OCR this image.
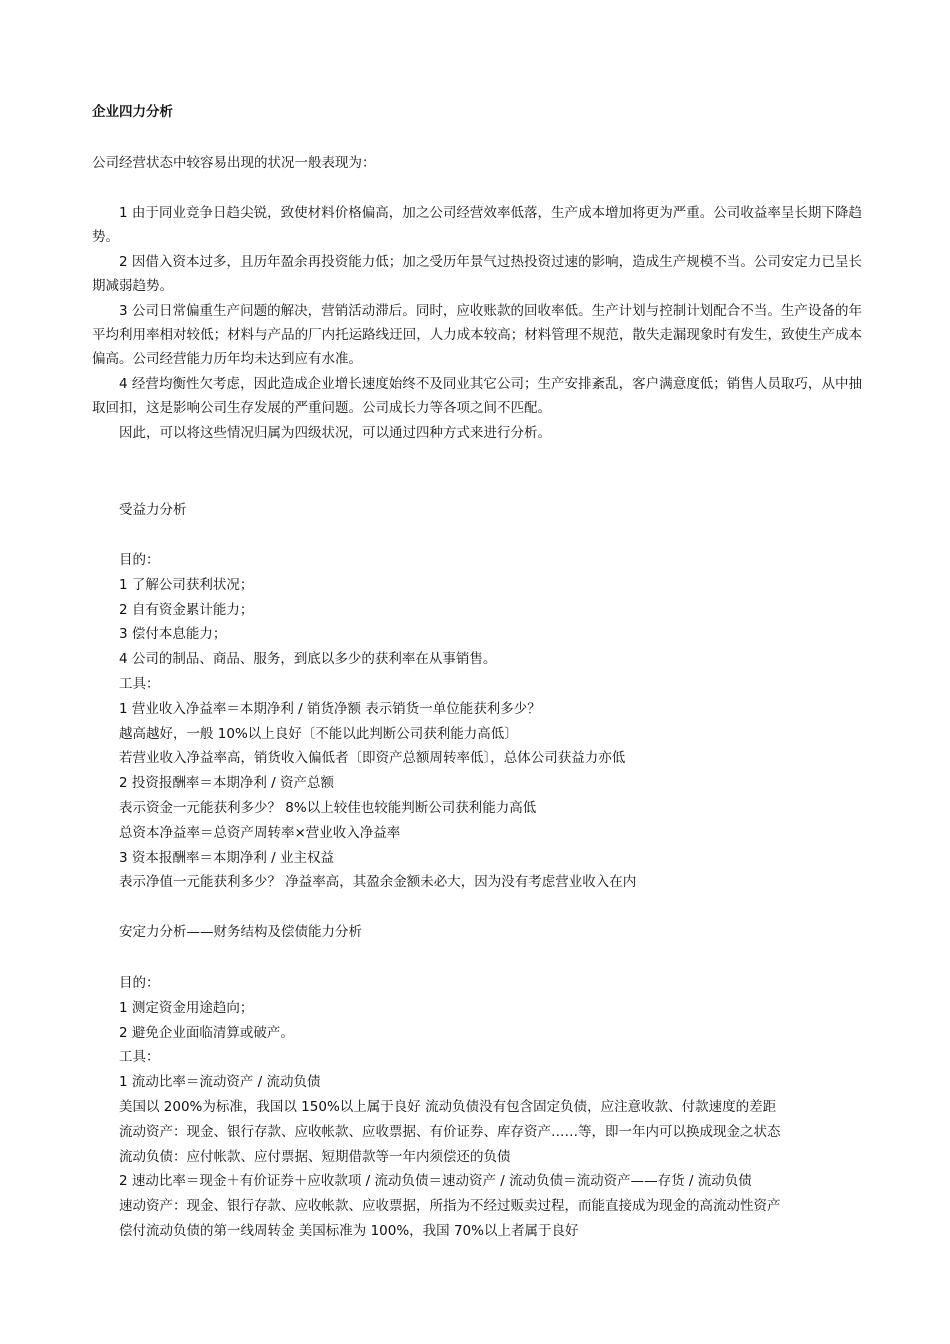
企业四力分析
公司经营状态中较容易出现的状况一般表现为：

1 由于同业竞争日趋尖锐，致使材料价格偏高，加之公司经营效率低落，生产成本增加将更为严重。公司收益率呈长期下降趋势。

2 因借入资本过多，且历年盈余再投资能力低；加之受历年景气过热投资过速的影响，造成生产规模不当。公司安定力已呈长期减弱趋势。

3 公司日常偏重生产问题的解决，营销活动滞后。同时，应收账款的回收率低。生产计划与控制计划配合不当。生产设备的年平均利用率相对较低；材料与产品的厂内托运路线迂回，人力成本较高；材料管理不规范，散失走漏现象时有发生，致使生产成本偏高。公司经营能力历年均未达到应有水准。

4 经营均衡性欠考虑，因此造成企业增长速度始终不及同业其它公司；生产安排紊乱，客户满意度低；销售人员取巧，从中抽取回扣，这是影响公司生存发展的严重问题。公司成长力等各项之间不匹配。

因此，可以将这些情况归属为四级状况，可以通过四种方式来进行分析。

受益力分析
目的：
1 了解公司获利状况；
2 自有资金累计能力；
3 偿付本息能力；
4 公司的制品、商品、服务，到底以多少的获利率在从事销售。
工具：
1 营业收入净益率＝本期净利 / 销货净额 表示销货一单位能获利多少？
越高越好，一般 10%以上良好〔不能以此判断公司获利能力高低〕
若营业收入净益率高，销货收入偏低者〔即资产总额周转率低〕，总体公司获益力亦低
2 投资报酬率＝本期净利 / 资产总额
表示资金一元能获利多少？ 8%以上较佳也较能判断公司获利能力高低
总资本净益率＝总资产周转率×营业收入净益率
3 资本报酬率＝本期净利 / 业主权益
表示净值一元能获利多少？ 净益率高，其盈余金额未必大，因为没有考虑营业收入在内
安定力分析——财务结构及偿债能力分析
目的：
1 测定资金用途趋向；
2 避免企业面临清算或破产。
工具：
1 流动比率＝流动资产 / 流动负债
美国以 200%为标准，我国以 150%以上属于良好 流动负债没有包含固定负债，应注意收款、付款速度的差距
流动资产：现金、银行存款、应收帐款、应收票据、有价证券、库存资产……等，即一年内可以换成现金之状态
流动负债：应付帐款、应付票据、短期借款等一年内须偿还的负债
2 速动比率＝现金＋有价证券＋应收款项 / 流动负债＝速动资产 / 流动负债＝流动资产——存货 / 流动负债
速动资产：现金、银行存款、应收帐款、应收票据，所指为不经过贩卖过程，而能直接成为现金的高流动性资产
偿付流动负债的第一线周转金 美国标准为 100%，我国 70%以上者属于良好
